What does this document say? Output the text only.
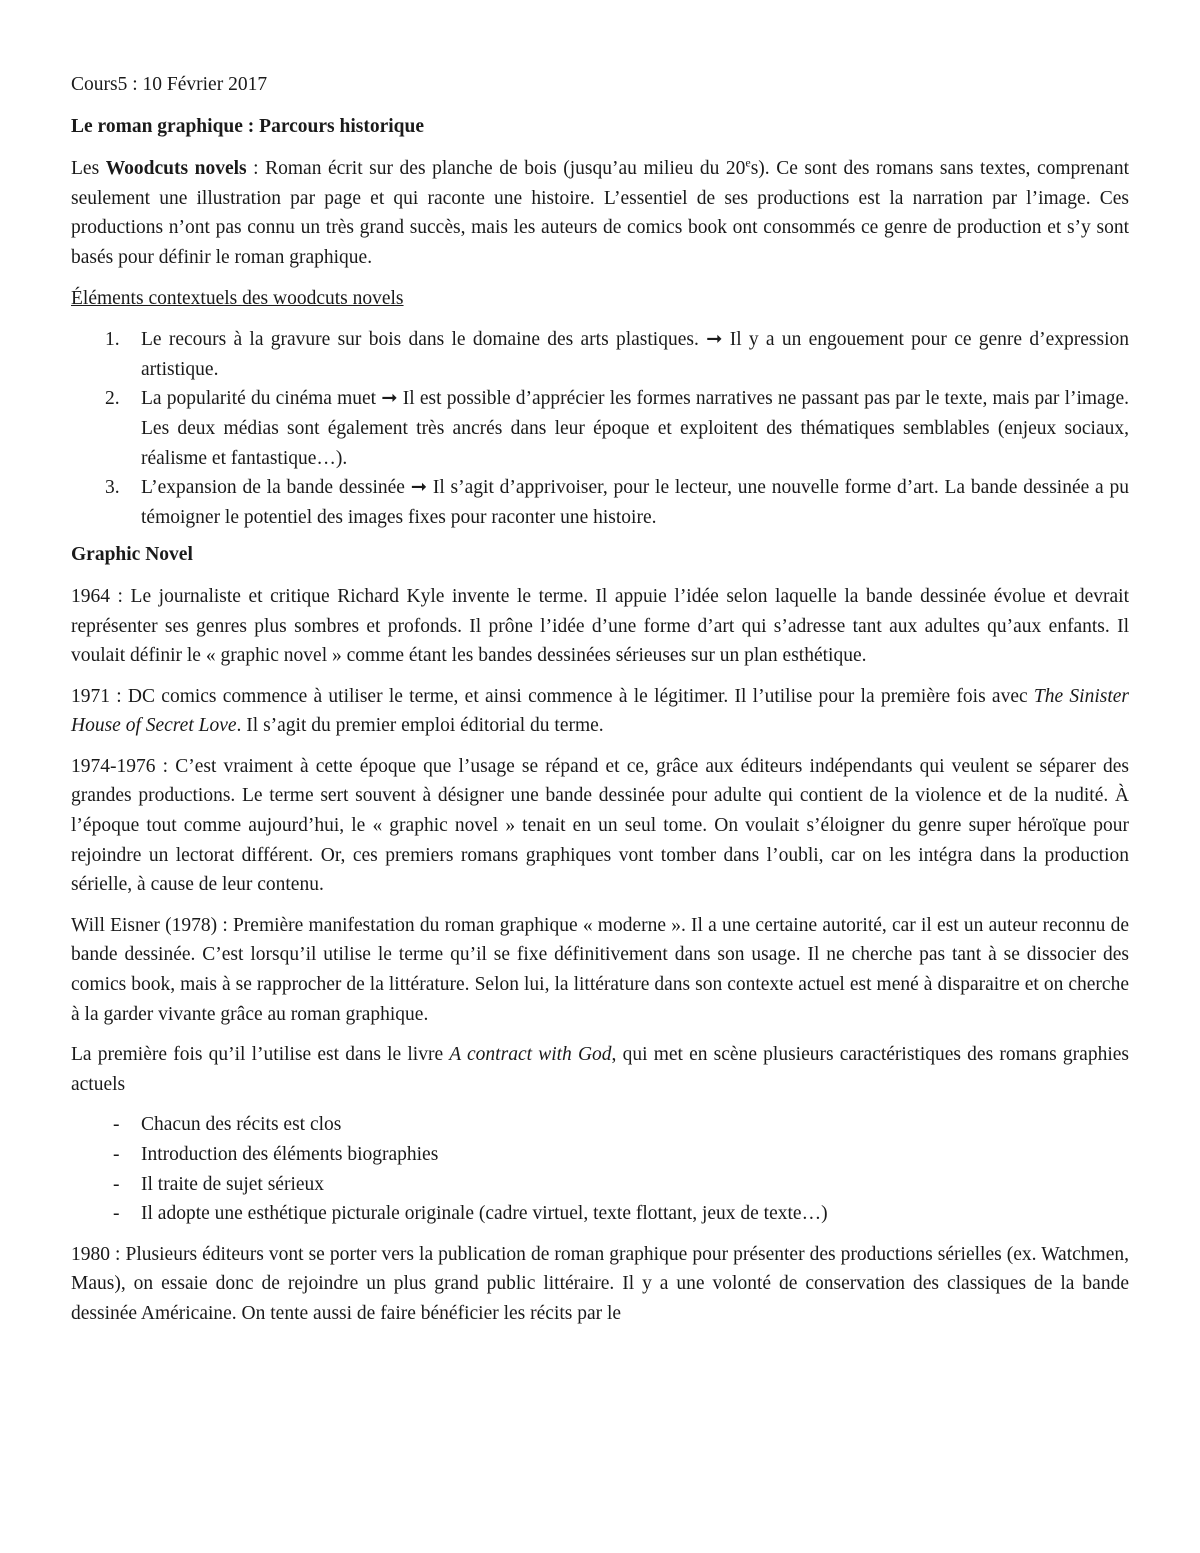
Cours5 : 10 Février 2017

Le roman graphique : Parcours historique

Les Woodcuts novels : Roman écrit sur des planche de bois (jusqu’au milieu du 20es). Ce sont des romans sans textes, comprenant seulement une illustration par page et qui raconte une histoire. L’essentiel de ses productions est la narration par l’image. Ces productions n’ont pas connu un très grand succès, mais les auteurs de comics book ont consommés ce genre de production et s’y sont basés pour définir le roman graphique.

Éléments contextuels des woodcuts novels

1. Le recours à la gravure sur bois dans le domaine des arts plastiques. ➞ Il y a un engouement pour ce genre d’expression artistique.
2. La popularité du cinéma muet ➞ Il est possible d’apprécier les formes narratives ne passant pas par le texte, mais par l’image. Les deux médias sont également très ancrés dans leur époque et exploitent des thématiques semblables (enjeux sociaux, réalisme et fantastique…).
3. L’expansion de la bande dessinée ➞ Il s’agit d’apprivoiser, pour le lecteur, une nouvelle forme d’art. La bande dessinée a pu témoigner le potentiel des images fixes pour raconter une histoire.

Graphic Novel

1964 : Le journaliste et critique Richard Kyle invente le terme. Il appuie l’idée selon laquelle la bande dessinée évolue et devrait représenter ses genres plus sombres et profonds. Il prône l’idée d’une forme d’art qui s’adresse tant aux adultes qu’aux enfants. Il voulait définir le « graphic novel » comme étant les bandes dessinées sérieuses sur un plan esthétique.

1971 : DC comics commence à utiliser le terme, et ainsi commence à le légitimer. Il l’utilise pour la première fois avec The Sinister House of Secret Love. Il s’agit du premier emploi éditorial du terme.

1974-1976 : C’est vraiment à cette époque que l’usage se répand et ce, grâce aux éditeurs indépendants qui veulent se séparer des grandes productions. Le terme sert souvent à désigner une bande dessinée pour adulte qui contient de la violence et de la nudité. À l’époque tout comme aujourd’hui, le « graphic novel » tenait en un seul tome. On voulait s’éloigner du genre super héroïque pour rejoindre un lectorat différent. Or, ces premiers romans graphiques vont tomber dans l’oubli, car on les intégra dans la production sérielle, à cause de leur contenu.

Will Eisner (1978) : Première manifestation du roman graphique « moderne ». Il a une certaine autorité, car il est un auteur reconnu de bande dessinée. C’est lorsqu’il utilise le terme qu’il se fixe définitivement dans son usage. Il ne cherche pas tant à se dissocier des comics book, mais à se rapprocher de la littérature. Selon lui, la littérature dans son contexte actuel est mené à disparaitre et on cherche à la garder vivante grâce au roman graphique.

La première fois qu’il l’utilise est dans le livre A contract with God, qui met en scène plusieurs caractéristiques des romans graphies actuels

- Chacun des récits est clos
- Introduction des éléments biographies
- Il traite de sujet sérieux
- Il adopte une esthétique picturale originale (cadre virtuel, texte flottant, jeux de texte…)

1980 : Plusieurs éditeurs vont se porter vers la publication de roman graphique pour présenter des productions sérielles (ex. Watchmen, Maus), on essaie donc de rejoindre un plus grand public littéraire. Il y a une volonté de conservation des classiques de la bande dessinée Américaine. On tente aussi de faire bénéficier les récits par le
